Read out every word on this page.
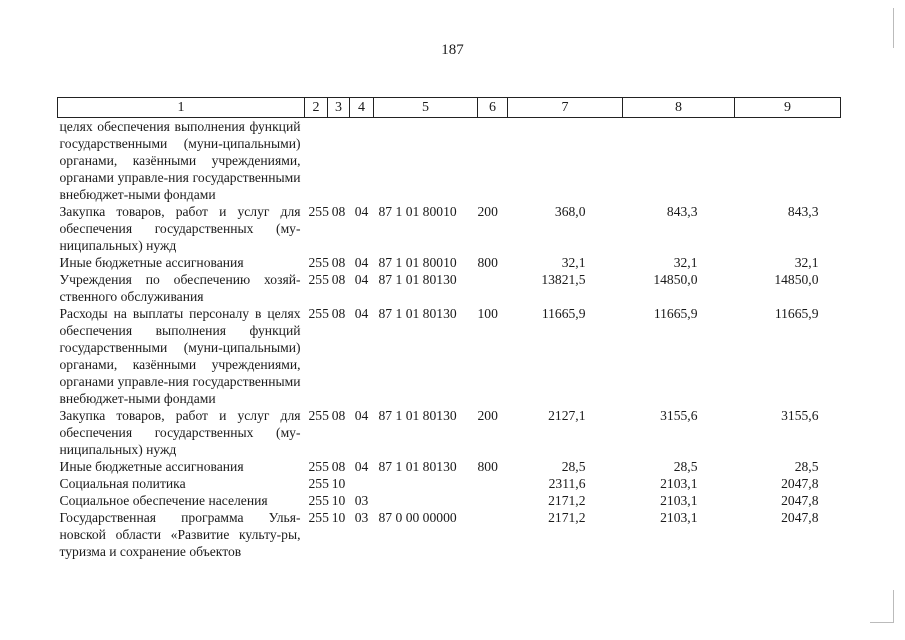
187
1	2	3	4	5	6	7	8	9
целях обеспечения выполнения функций государственными (муни-ципальными) органами, казёнными учреждениями, органами управле-ния государственными внебюджет-ными фондами								
Закупка товаров, работ и услуг для обеспечения государственных (му-ниципальных) нужд	255	08	04	87 1 01 80010	200	368,0	843,3	843,3
Иные бюджетные ассигнования	255	08	04	87 1 01 80010	800	32,1	32,1	32,1
Учреждения по обеспечению хозяй-ственного обслуживания	255	08	04	87 1 01 80130		13821,5	14850,0	14850,0
Расходы на выплаты персоналу в целях обеспечения выполнения функций государственными (муни-ципальными) органами, казёнными учреждениями, органами управле-ния государственными внебюджет-ными фондами	255	08	04	87 1 01 80130	100	11665,9	11665,9	11665,9
Закупка товаров, работ и услуг для обеспечения государственных (му-ниципальных) нужд	255	08	04	87 1 01 80130	200	2127,1	3155,6	3155,6
Иные бюджетные ассигнования	255	08	04	87 1 01 80130	800	28,5	28,5	28,5
Социальная политика	255	10				2311,6	2103,1	2047,8
Социальное обеспечение населения	255	10	03			2171,2	2103,1	2047,8
Государственная программа Улья-новской области «Развитие культу-ры, туризма и сохранение объектов	255	10	03	87 0 00 00000		2171,2	2103,1	2047,8
